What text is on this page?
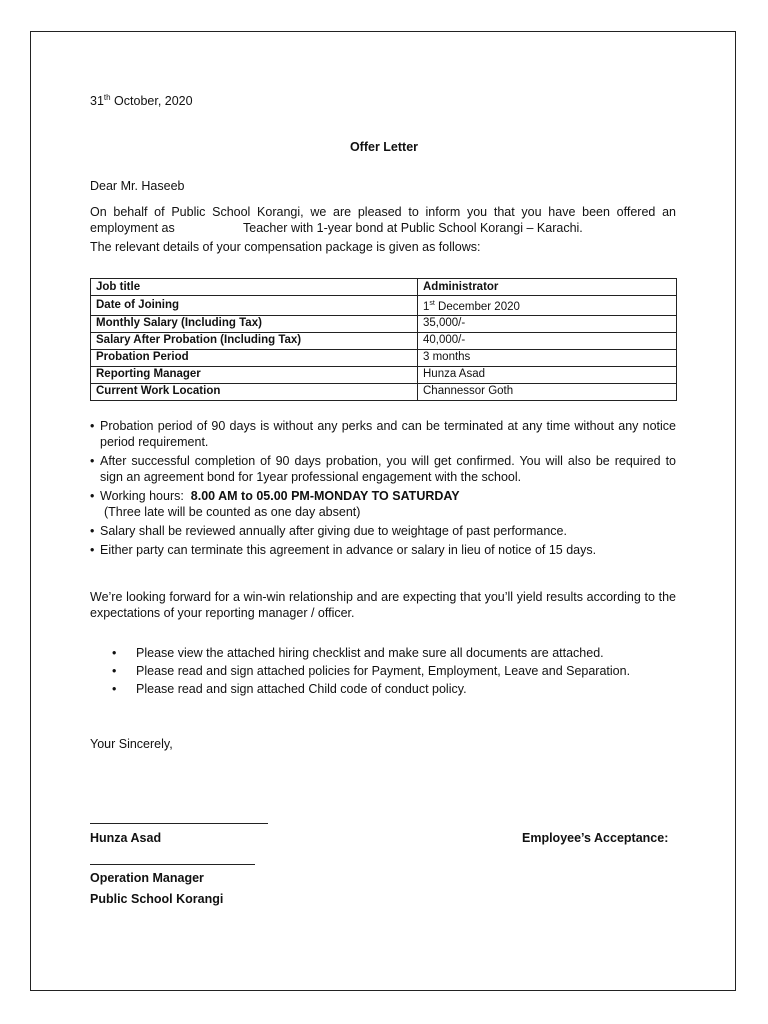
31th October, 2020
Offer Letter
Dear Mr. Haseeb
On behalf of Public School Korangi, we are pleased to inform you that you have been offered an employment as	Teacher with 1-year bond at Public School Korangi – Karachi.
The relevant details of your compensation package is given as follows:
Job title	Administrator
Date of Joining	1st December 2020
Monthly Salary (Including Tax)	35,000/-
Salary After Probation (Including Tax)	40,000/-
Probation Period	3 months
Reporting Manager	Hunza Asad
Current Work Location	Channessor Goth
• Probation period of 90 days is without any perks and can be terminated at any time without any notice period requirement.
• After successful completion of 90 days probation, you will get confirmed. You will also be required to sign an agreement bond for 1year professional engagement with the school.
• Working hours: 8.00 AM to 05.00 PM-MONDAY TO SATURDAY
(Three late will be counted as one day absent)
• Salary shall be reviewed annually after giving due to weightage of past performance.
• Either party can terminate this agreement in advance or salary in lieu of notice of 15 days.
We’re looking forward for a win-win relationship and are expecting that you’ll yield results according to the expectations of your reporting manager / officer.
•	Please view the attached hiring checklist and make sure all documents are attached.
•	Please read and sign attached policies for Payment, Employment, Leave and Separation.
•	Please read and sign attached Child code of conduct policy.
Your Sincerely,
Hunza Asad	Employee’s Acceptance:
Operation Manager
Public School Korangi
